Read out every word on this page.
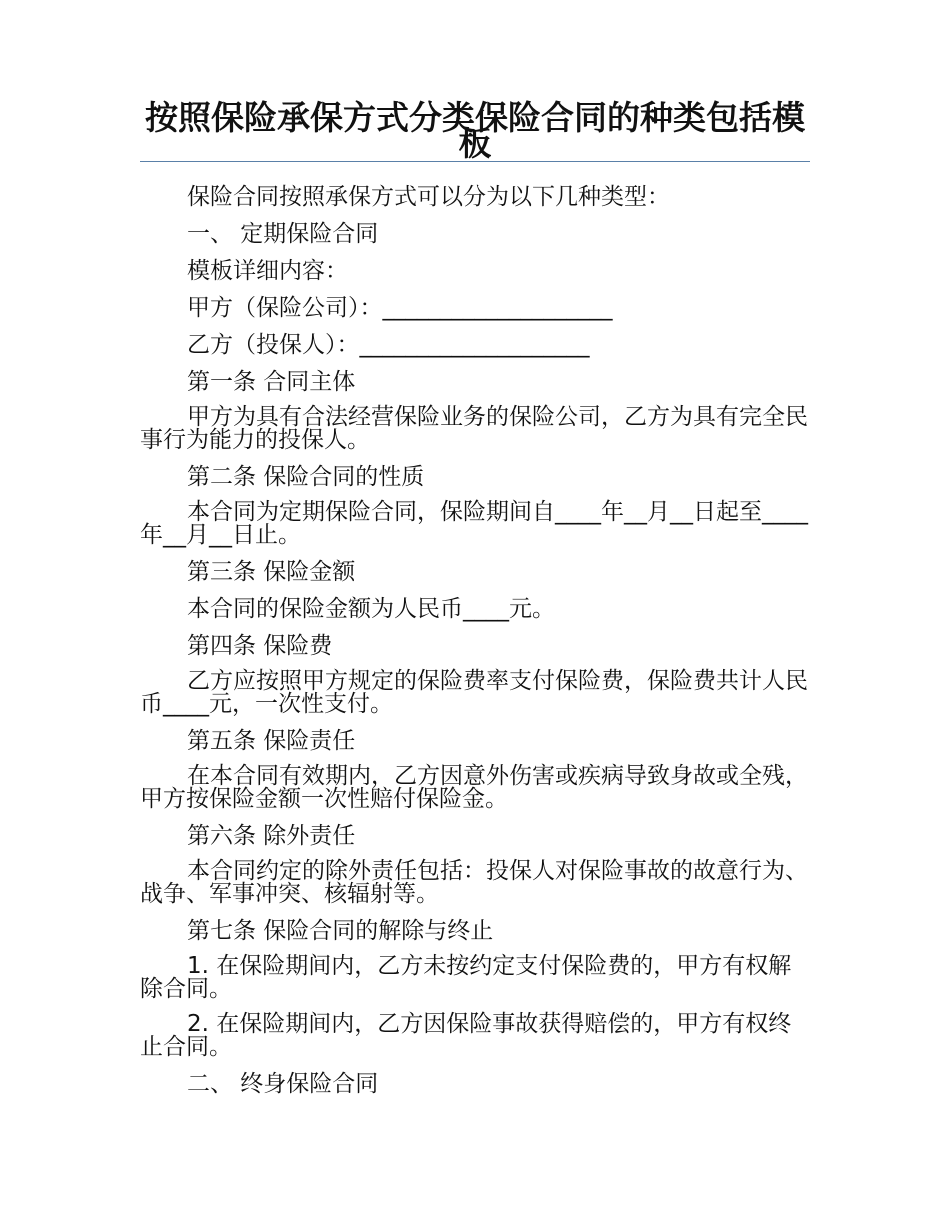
按照保险承保方式分类保险合同的种类包括模板

保险合同按照承保方式可以分为以下几种类型：

一、 定期保险合同

模板详细内容：

甲方（保险公司）：____________________

乙方（投保人）：____________________

第一条 合同主体

甲方为具有合法经营保险业务的保险公司，乙方为具有完全民事行为能力的投保人。

第二条 保险合同的性质

本合同为定期保险合同，保险期间自____年__月__日起至____年__月__日止。

第三条 保险金额

本合同的保险金额为人民币____元。

第四条 保险费

乙方应按照甲方规定的保险费率支付保险费，保险费共计人民币____元，一次性支付。

第五条 保险责任

在本合同有效期内，乙方因意外伤害或疾病导致身故或全残，甲方按保险金额一次性赔付保险金。

第六条 除外责任

本合同约定的除外责任包括：投保人对保险事故的故意行为、战争、军事冲突、核辐射等。

第七条 保险合同的解除与终止

1. 在保险期间内，乙方未按约定支付保险费的，甲方有权解除合同。

2. 在保险期间内，乙方因保险事故获得赔偿的，甲方有权终止合同。

二、 终身保险合同
